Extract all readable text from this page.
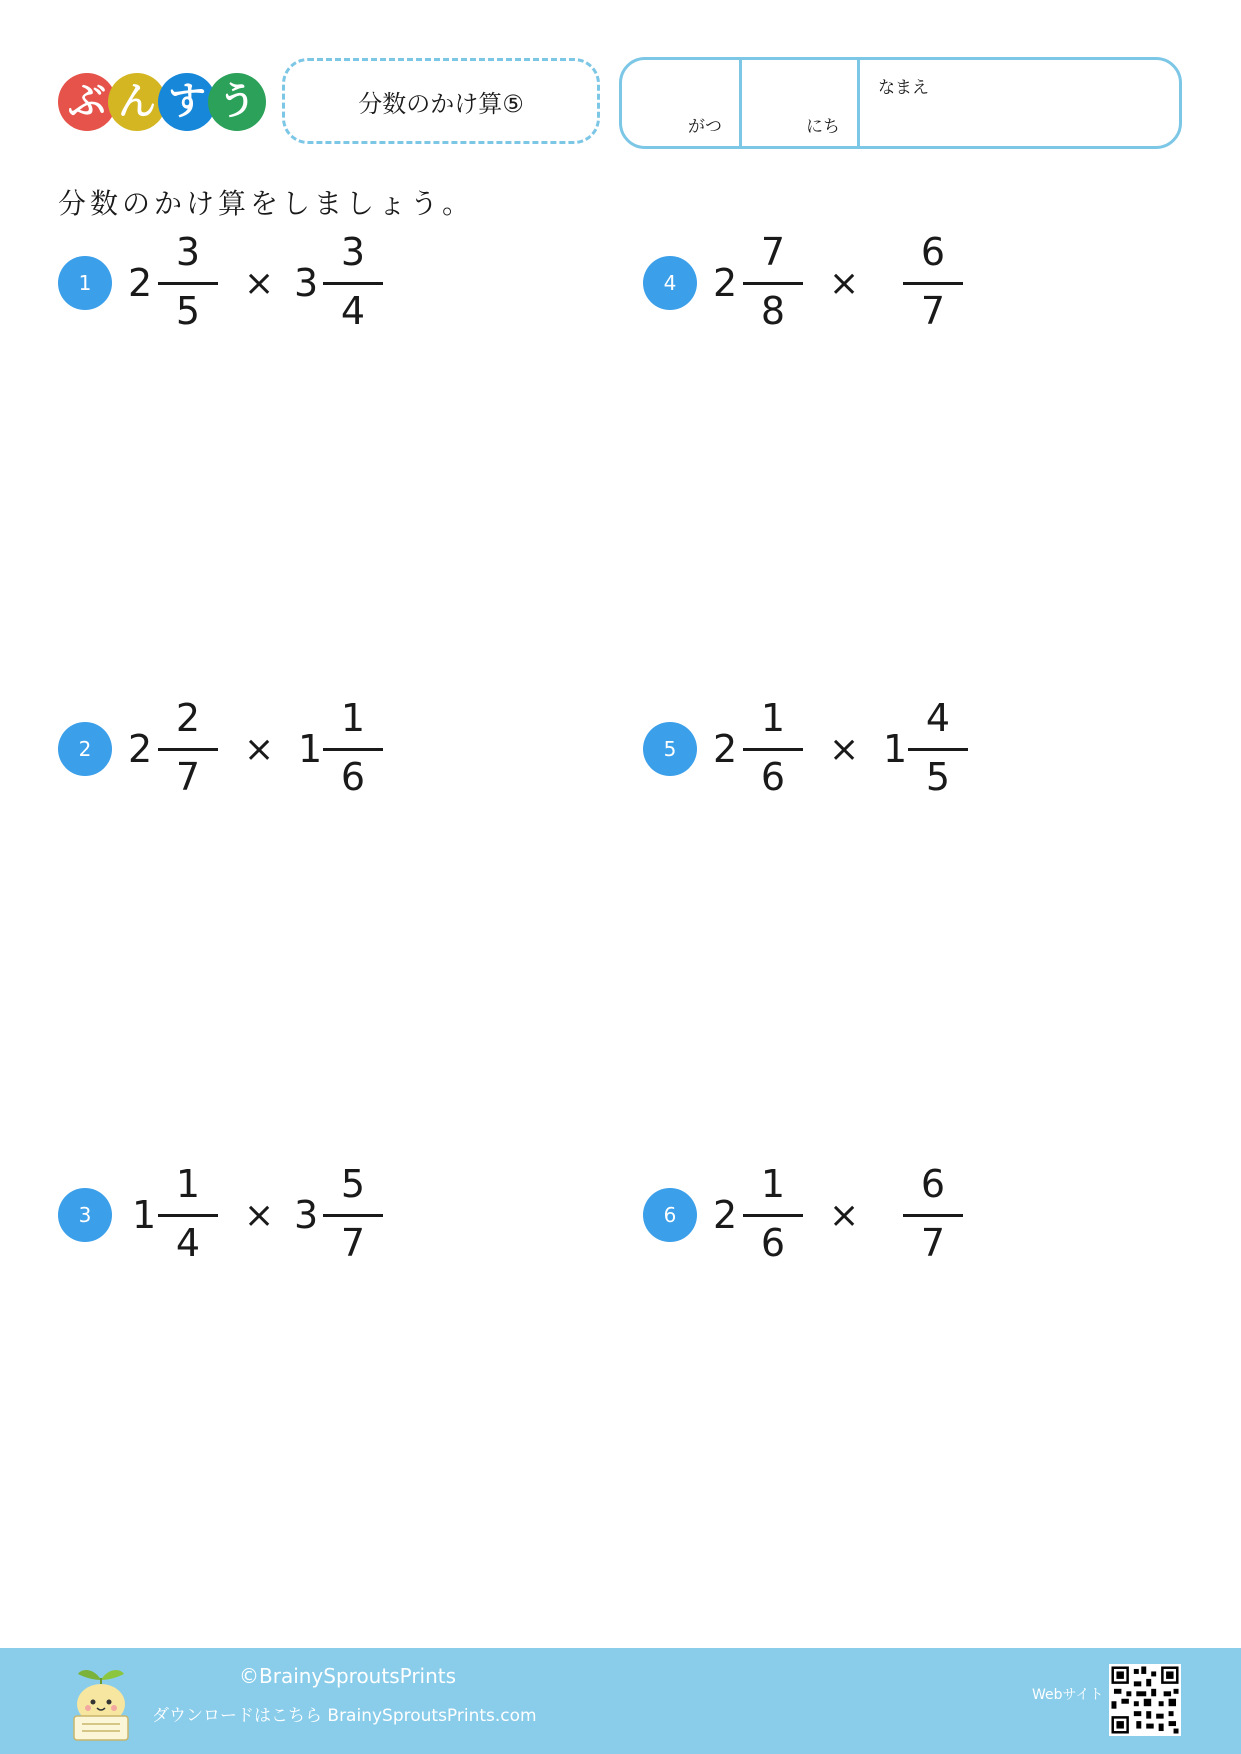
ぶ ん す う	分数のかけ算⑤
がつ	にち
なまえ
分数のかけ算をしましょう。
1 2
3
5
× 3
3
4
2 2
2
7
× 1
1
6
3	1
1
4
× 3
5
7
4 2
7
8
×
6
7
5 2
1
6
× 1
4
5
6 2
1
6
×
6
7
©BrainySproutsPrints
ダウンロードはこちら BrainySproutsPrints.com
Webサイト
